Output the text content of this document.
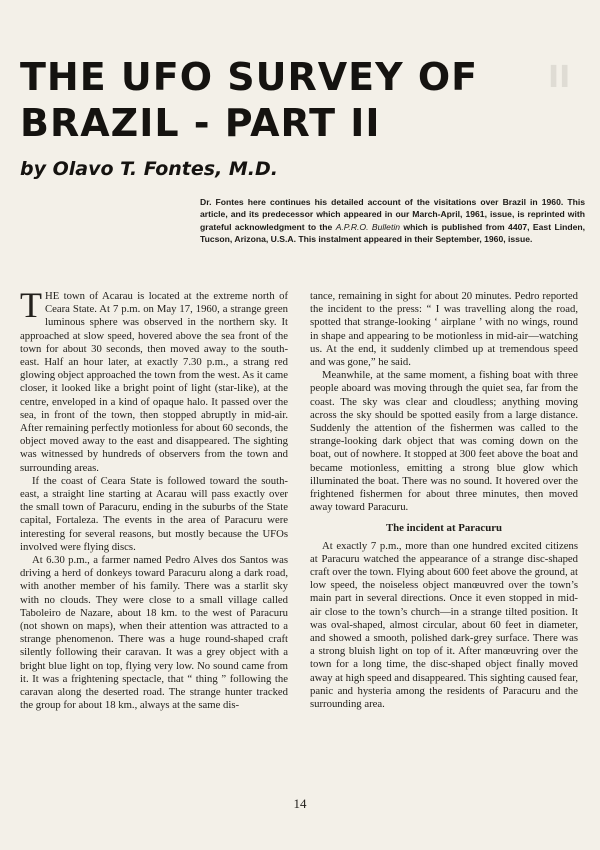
II
THE UFO SURVEY OF
BRAZIL - PART II

by Olavo T. Fontes, M.D.

Dr. Fontes here continues his detailed account of the visitations over Brazil in 1960. This article, and its predecessor which appeared in our March-April, 1961, issue, is reprinted with grateful acknowledgment to the A.P.R.O. Bulletin which is published from 4407, East Linden, Tucson, Arizona, U.S.A. This instalment appeared in their September, 1960, issue.

THE town of Acarau is located at the extreme north of Ceara State. At 7 p.m. on May 17, 1960, a strange green luminous sphere was observed in the northern sky. It approached at slow speed, hovered above the sea front of the town for about 30 seconds, then moved away to the south-east. Half an hour later, at exactly 7.30 p.m., a strang red glowing object approached the town from the west. As it came closer, it looked like a bright point of light (star-like), at the centre, enveloped in a kind of opaque halo. It passed over the sea, in front of the town, then stopped abruptly in mid-air. After remaining perfectly motionless for about 60 seconds, the object moved away to the east and disappeared. The sighting was witnessed by hundreds of observers from the town and surrounding areas.

If the coast of Ceara State is followed toward the south-east, a straight line starting at Acarau will pass exactly over the small town of Paracuru, ending in the suburbs of the State capital, Fortaleza. The events in the area of Paracuru were interesting for several reasons, but mostly because the UFOs involved were flying discs.

At 6.30 p.m., a farmer named Pedro Alves dos Santos was driving a herd of donkeys toward Paracuru along a dark road, with another member of his family. There was a starlit sky with no clouds. They were close to a small village called Taboleiro de Nazare, about 18 km. to the west of Paracuru (not shown on maps), when their attention was attracted to a strange phenomenon. There was a huge round-shaped craft silently following their caravan. It was a grey object with a bright blue light on top, flying very low. No sound came from it. It was a frightening spectacle, that “ thing ” following the caravan along the deserted road. The strange hunter tracked the group for about 18 km., always at the same dis-

tance, remaining in sight for about 20 minutes. Pedro reported the incident to the press: “ I was travelling along the road, spotted that strange-looking ‘ airplane ’ with no wings, round in shape and appearing to be motionless in mid-air—watching us. At the end, it suddenly climbed up at tremendous speed and was gone,” he said.

Meanwhile, at the same moment, a fishing boat with three people aboard was moving through the quiet sea, far from the coast. The sky was clear and cloudless; anything moving across the sky should be spotted easily from a large distance. Suddenly the attention of the fishermen was called to the strange-looking dark object that was coming down on the boat, out of nowhere. It stopped at 300 feet above the boat and became motionless, emitting a strong blue glow which illuminated the boat. There was no sound. It hovered over the frightened fishermen for about three minutes, then moved away toward Paracuru.

The incident at Paracuru

At exactly 7 p.m., more than one hundred excited citizens at Paracuru watched the appearance of a strange disc-shaped craft over the town. Flying about 600 feet above the ground, at low speed, the noiseless object manœuvred over the town’s main part in several directions. Once it even stopped in mid-air close to the town’s church—in a strange tilted position. It was oval-shaped, almost circular, about 60 feet in diameter, and showed a smooth, polished dark-grey surface. There was a strong bluish light on top of it. After manœuvring over the town for a long time, the disc-shaped object finally moved away at high speed and disappeared. This sighting caused fear, panic and hysteria among the residents of Paracuru and the surrounding area.

14
